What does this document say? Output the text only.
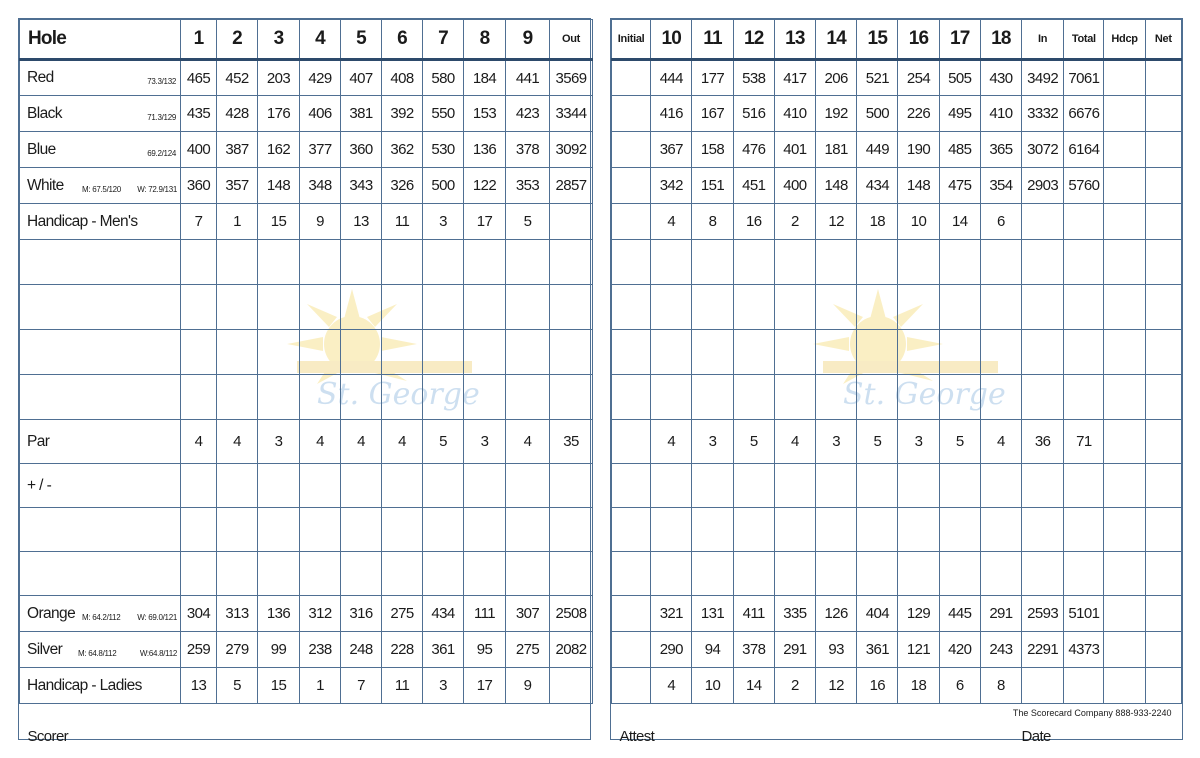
St. George
Hole	1	2	3	4	5	6	7	8	9	Out
Red 73.3/132	465	452	203	429	407	408	580	184	441	3569
Black 71.3/129	435	428	176	406	381	392	550	153	423	3344
Blue 69.2/124	400	387	162	377	360	362	530	136	378	3092
White M: 67.5/120 W: 72.9/131	360	357	148	348	343	326	500	122	353	2857
Handicap - Men's	7	1	15	9	13	11	3	17	5	

Par	4	4	3	4	4	4	5	3	4	35
+ / -										

Orange M: 64.2/112 W: 69.0/121	304	313	136	312	316	275	434	111	307	2508
Silver M: 64.8/112 W:64.8/112	259	279	99	238	248	228	361	95	275	2082
Handicap - Ladies	13	5	15	1	7	11	3	17	9	
Scorer										
St. George
Initial	10	11	12	13	14	15	16	17	18	In	Total	Hdcp	Net
	444	177	538	417	206	521	254	505	430	3492	7061		
	416	167	516	410	192	500	226	495	410	3332	6676		
	367	158	476	401	181	449	190	485	365	3072	6164		
	342	151	451	400	148	434	148	475	354	2903	5760		
	4	8	16	2	12	18	10	14	6				

	4	3	5	4	3	5	3	5	4	36	71		

	321	131	411	335	126	404	129	445	291	2593	5101		
	290	94	378	291	93	361	121	420	243	2291	4373		
	4	10	14	2	12	16	18	6	8				
Attest Date
The Scorecard Company 888-933-2240													
